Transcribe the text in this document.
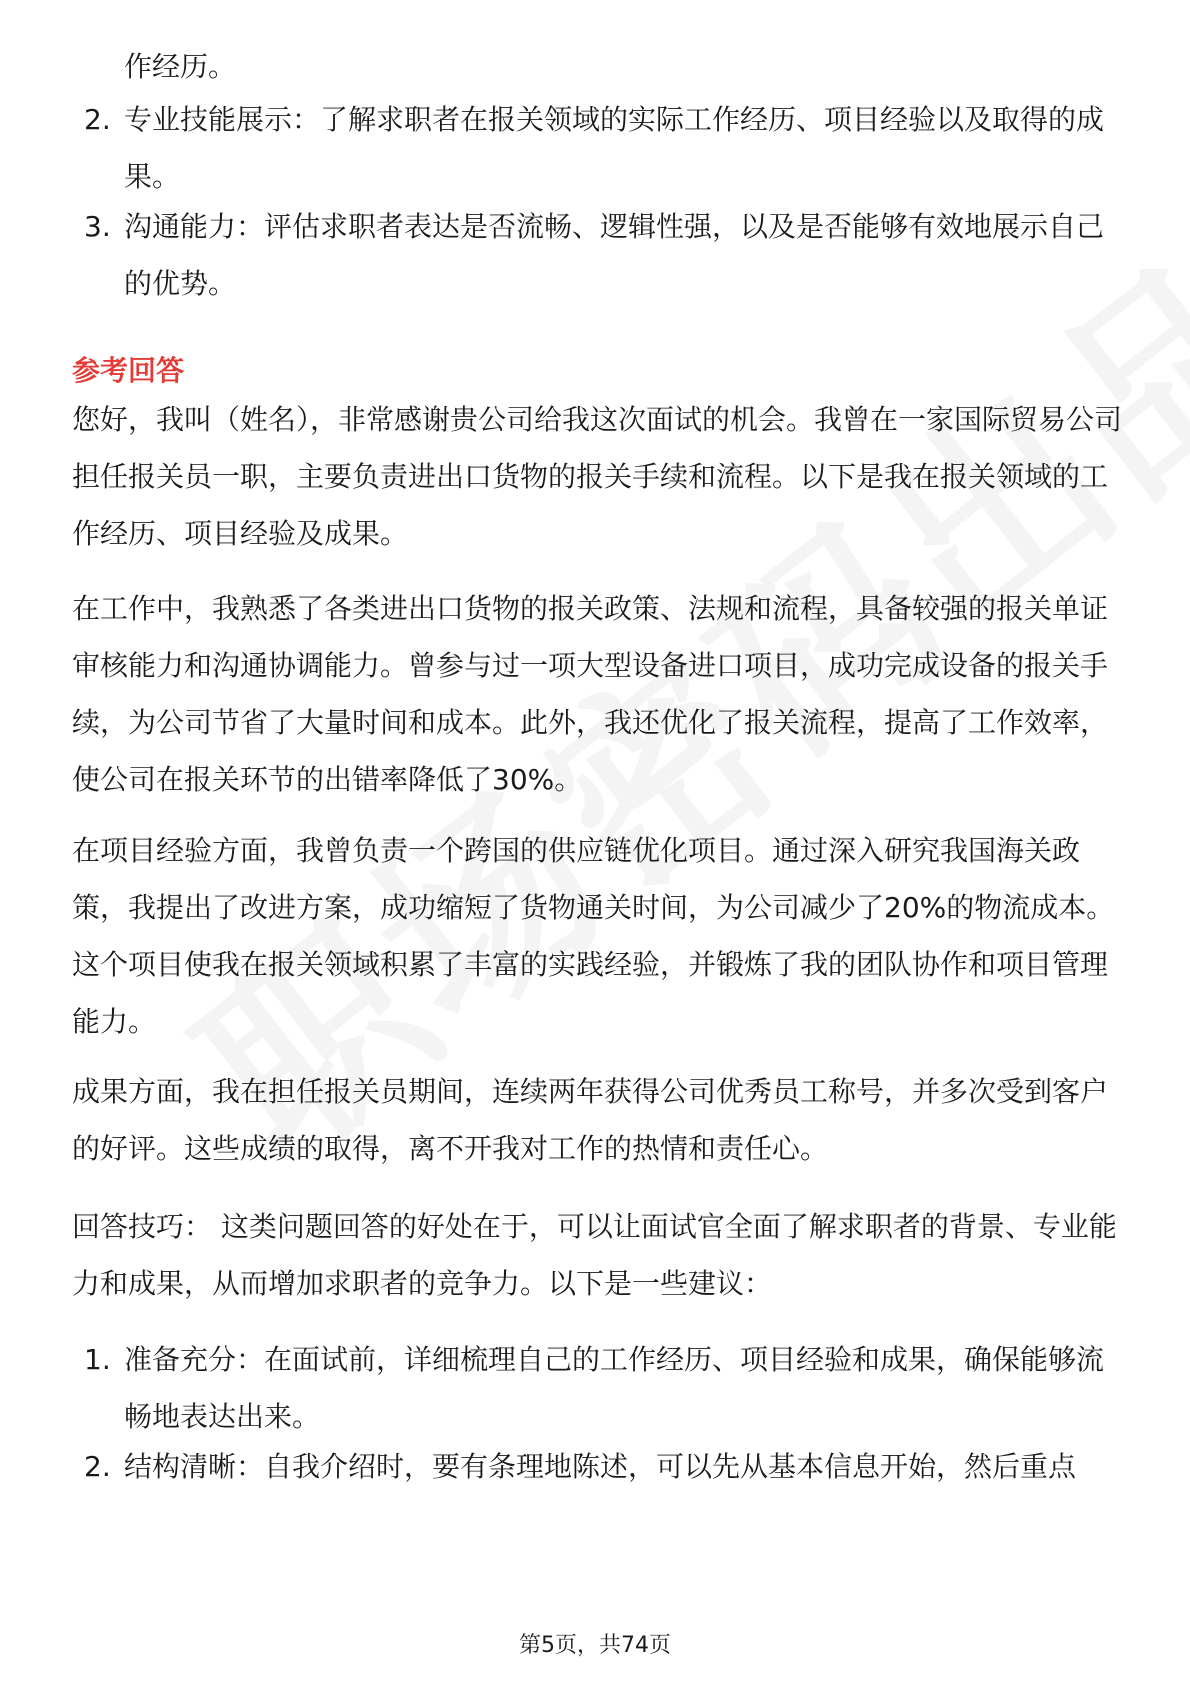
作经历。
2. 专业技能展示：了解求职者在报关领域的实际工作经历、项目经验以及取得的成果。
3. 沟通能力：评估求职者表达是否流畅、逻辑性强，以及是否能够有效地展示自己的优势。
参考回答
您好，我叫（姓名），非常感谢贵公司给我这次面试的机会。我曾在一家国际贸易公司担任报关员一职，主要负责进出口货物的报关手续和流程。以下是我在报关领域的工作经历、项目经验及成果。
在工作中，我熟悉了各类进出口货物的报关政策、法规和流程，具备较强的报关单证审核能力和沟通协调能力。曾参与过一项大型设备进口项目，成功完成设备的报关手续，为公司节省了大量时间和成本。此外，我还优化了报关流程，提高了工作效率，使公司在报关环节的出错率降低了30%。
在项目经验方面，我曾负责一个跨国的供应链优化项目。通过深入研究我国海关政策，我提出了改进方案，成功缩短了货物通关时间，为公司减少了20%的物流成本。这个项目使我在报关领域积累了丰富的实践经验，并锻炼了我的团队协作和项目管理能力。
成果方面，我在担任报关员期间，连续两年获得公司优秀员工称号，并多次受到客户的好评。这些成绩的取得，离不开我对工作的热情和责任心。
回答技巧： 这类问题回答的好处在于，可以让面试官全面了解求职者的背景、专业能力和成果，从而增加求职者的竞争力。以下是一些建议：
1. 准备充分：在面试前，详细梳理自己的工作经历、项目经验和成果，确保能够流畅地表达出来。
2. 结构清晰：自我介绍时，要有条理地陈述，可以先从基本信息开始，然后重点
第5页，共74页
